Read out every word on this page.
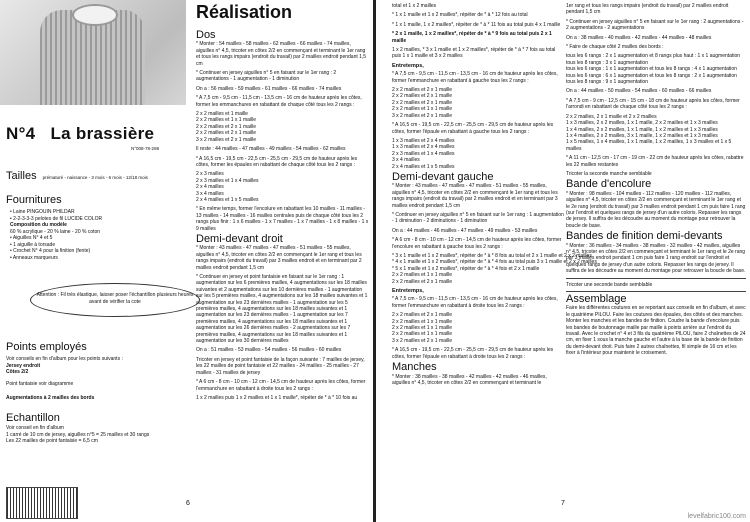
N°4 La brassière
N°008-78-286
Tailles prématuré - naissance - 3 mois - 6 mois - 12/18 mois
Fournitures
• Laine PINGOUIN PHILDAR
• 2-2-3-3-3 pelotes de fil LUCIDE COLOR
Composition du modèle
60 % acrylique - 20 % laine - 20 % coton
• Aiguilles N° 4 et 5
• 1 aiguille à torsade
• Crochet N° 4 pour la finition (fente)
• Anneaux marqueurs
Attention : Fil très élastique, laisser poser l'échantillon plusieurs heures avant de vérifier la cote
Points employés
Voir conseils en fin d'album pour les points suivants :
Jersey endroit
Côtes 2/2
Point fantaisie voir diagramme
Augmentations à 2 mailles des bords
Echantillon
Voir conseil en fin d'album
1 carré de 10 cm de jersey, aiguilles n°5 = 25 mailles et 30 rangs
Les 22 mailles de point fantaisie = 6,5 cm
6
Réalisation
Dos

* Monter : 54 mailles - 58 mailles - 62 mailles - 66 mailles - 74 mailles, aiguilles n° 4,5, tricoter en côtes 2/2 en commençant et terminant le 1er rang et tous les rangs impairs (endroit du travail) par 2 mailles endroit pendant 1,5 cm

* Continuer en jersey aiguilles n° 5 en faisant sur le 1er rang : 2 augmentations - 1 augmentation - 1 diminution

On a : 56 mailles - 59 mailles - 61 mailles - 66 mailles - 74 mailles

* A 7,5 cm - 9,5 cm - 11,5 cm - 13,5 cm - 16 cm de hauteur après les côtes, former les emmanchures en rabattant de chaque côté tous les 2 rangs :

2 x 2 mailles et 1 maille
2 x 2 mailles et 1 x 1 maille
2 x 2 mailles et 2 x 1 maille
2 x 2 mailles et 2 x 1 maille
3 x 2 mailles et 2 x 1 maille

Il reste : 44 mailles - 47 mailles - 49 mailles - 54 mailles - 62 mailles

* A 16,5 cm - 19,5 cm - 22,5 cm - 25,5 cm - 29,5 cm de hauteur après les côtes, former les épaules en rabattant de chaque côté tous les 2 rangs :

2 x 3 mailles
2 x 3 mailles et 1 x 4 mailles
2 x 4 mailles
3 x 4 mailles
2 x 4 mailles et 1 x 5 mailles

* En même temps, former l'encolure en rabattant les 10 mailles - 11 mailles - 13 mailles - 14 mailles - 16 mailles centrales puis de chaque côté tous les 2 rangs plus finir : 1 x 6 mailles - 1 x 7 mailles - 1 x 7 mailles - 1 x 8 mailles - 1 x 9 mailles

Demi-devant droit

* Monter : 43 mailles - 47 mailles - 47 mailles - 51 mailles - 55 mailles, aiguilles n° 4,5, tricoter en côtes 2/2 en commençant le 1er rang et tous les rangs impairs (endroit du travail) par 3 mailles endroit et en terminant par 2 mailles endroit pendant 1,5 cm

* Continuer en jersey et point fantaisie en faisant sur le 1er rang : 1 augmentation sur les 6 premières mailles, 4 augmentations sur les 18 mailles suivantes et 2 augmentations sur les 10 dernières mailles - 1 augmentation sur les 5 premières mailles, 4 augmentations sur les 18 mailles suivantes et 1 augmentation sur les 23 dernières mailles - 1 augmentation sur les 5 premières mailles, 4 augmentations sur les 18 mailles suivantes et 1 augmentation sur les 23 dernières mailles - 1 augmentation sur les 7 premières mailles, 4 augmentations sur les 18 mailles suivantes et 1 augmentation sur les 26 dernières mailles - 2 augmentations sur les 7 premières mailles, 4 augmentations sur les 18 mailles suivantes et 1 augmentation sur les 30 dernières mailles

On a : 51 mailles - 53 mailles - 54 mailles - 56 mailles - 60 mailles

Tricoter en jersey et point fantaisie de la façon suivante : 7 mailles de jersey, les 22 mailles de point fantaisie et 22 mailles - 24 mailles - 25 mailles - 27 mailles - 31 mailles de jersey

* A 6 cm - 8 cm - 10 cm - 12 cm - 14,5 cm de hauteur après les côtes, former l'emmanchure en rabattant à droite tous les 2 rangs :

1 x 2 mailles puis 1 x 2 mailles et 1 x 1 maille*, répéter de * à * 10 fois au

total et 1 x 2 mailles

* 1 x 1 maille et 1 x 2 mailles*, répéter de * à * 12 fois au total

* 1 x 1 maille, 1 x 2 mailles*, répéter de * à * 11 fois au total puis 4 x 1 maille

* 2 x 1 maille, 1 x 2 mailles*, répéter de * à * 9 fois au total puis 2 x 1 maille

1 x 2 mailles, * 3 x 1 maille et 1 x 2 mailles*, répéter de * à * 7 fois au total puis 1 x 1 maille et 3 x 2 mailles

Entretemps,

* A 7,5 cm - 9,5 cm - 11,5 cm - 13,5 cm - 16 cm de hauteur après les côtes, former l'emmanchure en rabattant à gauche tous les 2 rangs :

2 x 2 mailles et 2 x 1 maille
2 x 2 mailles et 2 x 1 maille
2 x 2 mailles et 2 x 1 maille
2 x 2 mailles et 1 x 1 maille
3 x 2 mailles et 2 x 1 maille

* A 16,5 cm - 19,5 cm - 22,5 cm - 25,5 cm - 29,5 cm de hauteur après les côtes, former l'épaule en rabattant à gauche tous les 2 rangs :

1 x 3 mailles et 2 x 4 mailles
1 x 3 mailles et 2 x 4 mailles
2 x 3 mailles et 1 x 4 mailles
3 x 4 mailles
2 x 4 mailles et 1 x 5 mailles
Demi-devant gauche

* Monter : 43 mailles - 47 mailles - 47 mailles - 51 mailles - 55 mailles, aiguilles n° 4,5, tricoter en côtes 2/2 en commençant le 1er rang et tous les rangs impairs (endroit du travail) par 2 mailles endroit et en terminant par 3 mailles endroit pendant 1,5 cm

* Continuer en jersey aiguilles n° 5 en faisant sur le 1er rang : 1 augmentation - 1 diminution - 2 diminutions - 1 diminution

On a : 44 mailles - 46 mailles - 47 mailles - 49 mailles - 53 mailles

* A 6 cm - 8 cm - 10 cm - 12 cm - 14,5 cm de hauteur après les côtes, former l'encolure en rabattant à gauche tous les 2 rangs :

* 3 x 1 maille et 1 x 2 mailles*, répéter de * à * 8 fois au total et 2 x 1 maille et 2 x 2 mailles
* 4 x 1 maille et 1 x 2 mailles*, répéter de * à * 4 fois au total puis 3 x 1 maille et 2 x 2 mailles
* 5 x 1 maille et 1 x 2 mailles*, répéter de * à * 4 fois et 2 x 1 maille
2 x 2 mailles et 1 x 1 maille
2 x 2 mailles et 2 x 1 maille
Entretemps,

* A 7,5 cm - 9,5 cm - 11,5 cm - 13,5 cm - 16 cm de hauteur après les côtes, former l'emmanchure en rabattant à droite tous les 2 rangs :

2 x 2 mailles et 2 x 1 maille
2 x 2 mailles et 1 x 1 maille
2 x 2 mailles et 1 x 1 maille
2 x 2 mailles et 1 x 1 maille
3 x 2 mailles et 2 x 1 maille

* A 16,5 cm - 19,5 cm - 22,5 cm - 25,5 cm - 29,5 cm de hauteur après les côtes, former l'épaule en rabattant à droite tous les 2 rangs :

Manches

* Monter : 38 mailles - 38 mailles - 42 mailles - 42 mailles - 46 mailles, aiguilles n° 4,5, tricoter en côtes 2/2 en commençant et terminant le

1er rang et tous les rangs impairs (endroit du travail) par 2 mailles endroit pendant 1,5 cm

* Continuer en jersey aiguilles n° 5 en faisant sur le 1er rang : 2 augmentations - 2 augmentations - 2 augmentations

On a : 38 mailles - 40 mailles - 42 mailles - 44 mailles - 48 mailles

* Faire de chaque côté 2 mailles des bords :

tous les 6 rangs : 2 x 1 augmentation et 8 rangs plus haut : 1 x 1 augmentation
tous les 8 rangs : 3 x 1 augmentation
tous les 6 rangs : 1 x 1 augmentation et tous les 8 rangs : 4 x 1 augmentation
tous les 6 rangs : 6 x 1 augmentation et tous les 8 rangs : 2 x 1 augmentation
tous les 8 rangs : 9 x 1 augmentation

On a : 44 mailles - 50 mailles - 54 mailles - 60 mailles - 66 mailles

* A 7,5 cm - 9 cm - 12,5 cm - 15 cm - 18 cm de hauteur après les côtes, former l'arrondi en rabattant de chaque côté tous les 2 rangs :

2 x 2 mailles, 2 x 1 maille et 2 x 2 mailles
1 x 3 mailles, 2 x 2 mailles, 1 x 1 maille, 2 x 2 mailles et 1 x 3 mailles
1 x 4 mailles, 2 x 2 mailles, 1 x 1 maille, 1 x 2 mailles et 1 x 3 mailles
1 x 4 mailles, 2 x 2 mailles, 3 x 1 maille, 1 x 2 mailles et 1 x 3 mailles
1 x 5 mailles, 1 x 4 mailles, 1 x 1 maille, 1 x 2 mailles, 1 x 3 mailles et 1 x 5 mailles

* A 11 cm - 12,5 cm - 17 cm - 19 cm - 22 cm de hauteur après les côtes, rabattre les 22 mailles restantes

Tricoter la seconde manche semblable

Bande d'encolure

* Monter : 98 mailles - 104 mailles - 112 mailles - 120 mailles - 112 mailles, aiguilles n° 4,5, tricoter en côtes 2/2 en commençant et terminant le 1er rang et le 2e rang (endroit du travail) par 3 mailles endroit pendant 1 cm puis faire 1 rang (sur l'endroit et quelques rangs de jersey d'un autre coloris. Repasser les rangs de jersey. Il suffira de les découdre au moment du montage pour retrouver la boucle de base.

Bandes de finition demi-devants

* Monter : 36 mailles - 34 mailles - 38 mailles - 32 mailles - 42 mailles, aiguilles n° 4,5, tricoter en côtes 2/2 en commençant et terminant le 1er rang et le 2e rang par 3 mailles endroit pendant 1 cm puis faire 1 rang endroit sur l'endroit et quelques rangs de jersey d'un autre coloris. Repasser les rangs de jersey. Il suffira de les découdre au moment du montage pour retrouver la boucle de base.

Tricoter une seconde bande semblable

Assemblage

Faire les différentes coutures en se reportant aux conseils en fin d'album, et avec le quatrième PILOU. Faire les coutures des épaules, des côtés et des manches. Monter les manches et les bandes de finition. Coudre la bande d'encolure puis les bandes de boutonnage maille par maille à points arrière sur l'endroit du travail. Avec le crochet n° 4 et 3 fils du quatrième PILOU, faire 2 chaînettes de 24 cm, en fixer 1 sous la manche gauche et l'autre à la base de la bande de finition du demi-devant droit. Puis faire 2 autres chaînettes, fil simple de 16 cm et les fixer à l'intérieur pour maintenir le croisement.

7
levelfabric100.com
